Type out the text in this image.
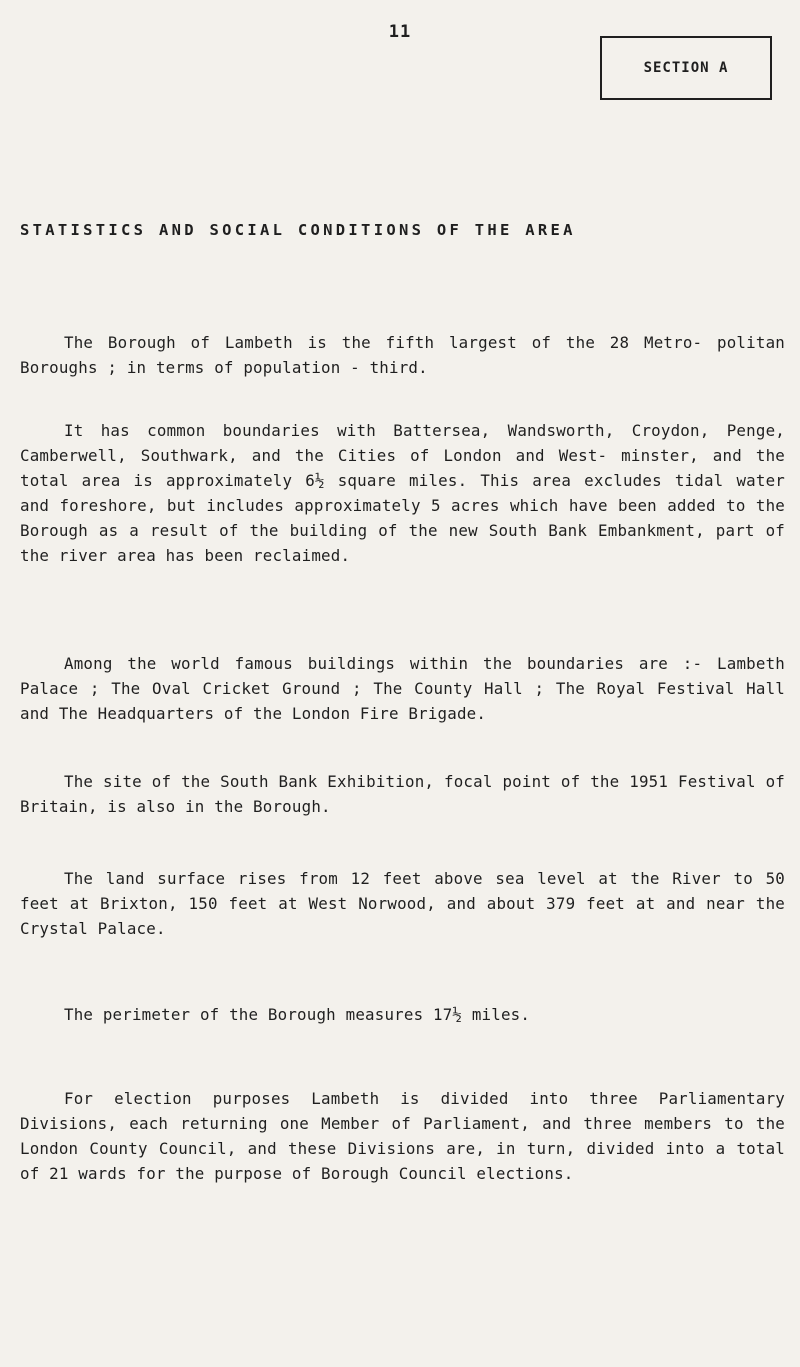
11
SECTION A
STATISTICS AND SOCIAL CONDITIONS OF THE AREA

The Borough of Lambeth is the fifth largest of the 28 Metro- politan Boroughs ; in terms of population - third.

It has common boundaries with Battersea, Wandsworth, Croydon, Penge, Camberwell, Southwark, and the Cities of London and West- minster, and the total area is approximately 6½ square miles. This area excludes tidal water and foreshore, but includes approximately 5 acres which have been added to the Borough as a result of the building of the new South Bank Embankment, part of the river area has been reclaimed.

Among the world famous buildings within the boundaries are :- Lambeth Palace ; The Oval Cricket Ground ; The County Hall ; The Royal Festival Hall and The Headquarters of the London Fire Brigade.

The site of the South Bank Exhibition, focal point of the 1951 Festival of Britain, is also in the Borough.

The land surface rises from 12 feet above sea level at the River to 50 feet at Brixton, 150 feet at West Norwood, and about 379 feet at and near the Crystal Palace.

The perimeter of the Borough measures 17½ miles.

For election purposes Lambeth is divided into three Parliamentary Divisions, each returning one Member of Parliament, and three members to the London County Council, and these Divisions are, in turn, divided into a total of 21 wards for the purpose of Borough Council elections.
